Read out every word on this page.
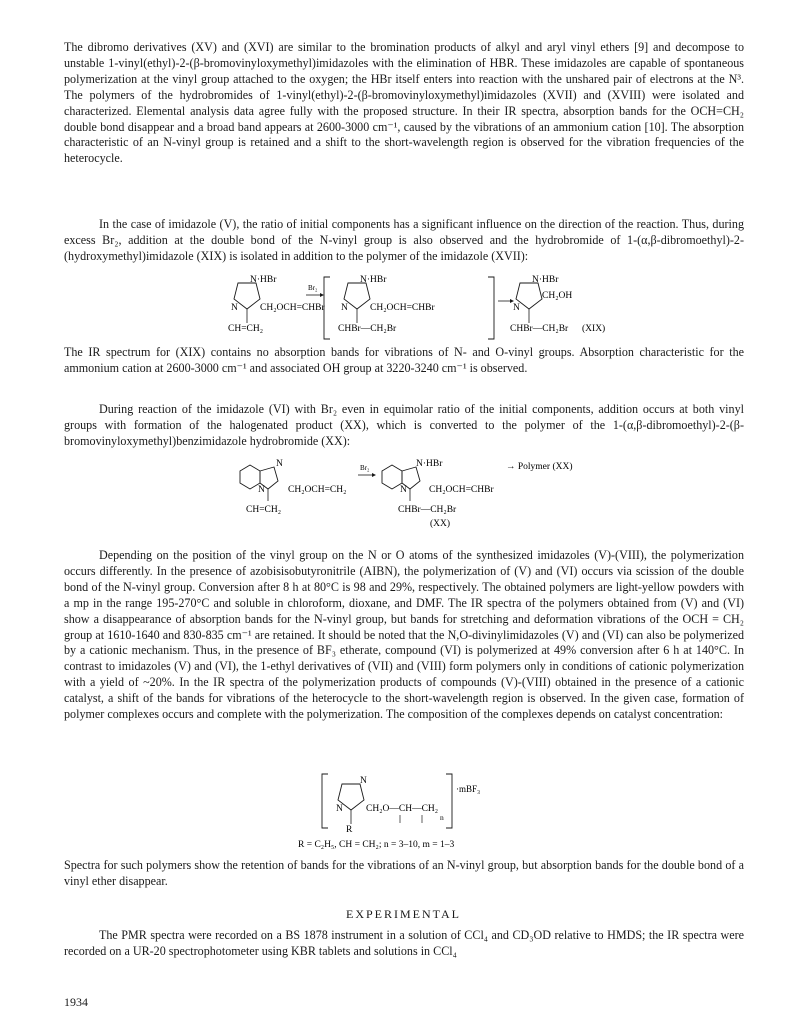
The dibromo derivatives (XV) and (XVI) are similar to the bromination products of alkyl and aryl vinyl ethers [9] and decompose to unstable 1-vinyl(ethyl)-2-(β-bromovinyloxymethyl)imidazoles with the elimination of HBR. These imidazoles are capable of spontaneous polymerization at the vinyl group attached to the oxygen; the HBr itself enters into reaction with the unshared pair of electrons at the N³. The polymers of the hydrobromides of 1-vinyl(ethyl)-2-(β-bromovinyloxymethyl)imidazoles (XVII) and (XVIII) were isolated and characterized. Elemental analysis data agree fully with the proposed structure. In their IR spectra, absorption bands for the OCH=CH₂ double bond disappear and a broad band appears at 2600-3000 cm⁻¹, caused by the vibrations of an ammonium cation [10]. The absorption characteristic of an N-vinyl group is retained and a shift to the short-wavelength region is observed for the vibration frequencies of the heterocycle.

In the case of imidazole (V), the ratio of initial components has a significant influence on the direction of the reaction. Thus, during excess Br₂, addition at the double bond of the N-vinyl group is also observed and the hydrobromide of 1-(α,β-dibromoethyl)-2-(hydroxymethyl)imidazole (XIX) is isolated in addition to the polymer of the imidazole (XVII):

N·HBr
N CH₂OCH=CHBr
CH=CH₂
Br₂
N·HBr
N CH₂OCH=CHBr
CHBr—CH₂Br
N·HBr
N
CH₂OH
CHBr—CH₂Br (XIX)

The IR spectrum for (XIX) contains no absorption bands for vibrations of N- and O-vinyl groups. Absorption characteristic for the ammonium cation at 2600-3000 cm⁻¹ and associated OH group at 3220-3240 cm⁻¹ is observed.

During reaction of the imidazole (VI) with Br₂ even in equimolar ratio of the initial components, addition occurs at both vinyl groups with formation of the halogenated product (XX), which is converted to the polymer of the 1-(α,β-dibromoethyl)-2-(β-bromovinyloxymethyl)benzimidazole hydrobromide (XX):

N
N CH₂OCH=CH₂
CH=CH₂
Br₂	N·HBr
N CH₂OCH=CHBr
CHBr—CH₂Br
(XX)
→ Polymer (XX)

Depending on the position of the vinyl group on the N or O atoms of the synthesized imidazoles (V)-(VIII), the polymerization occurs differently. In the presence of azobisisobutyronitrile (AIBN), the polymerization of (V) and (VI) occurs via scission of the double bond of the N-vinyl group. Conversion after 8 h at 80°C is 98 and 29%, respectively. The obtained polymers are light-yellow powders with a mp in the range 195-270°C and soluble in chloroform, dioxane, and DMF. The IR spectra of the polymers obtained from (V) and (VI) show a disappearance of absorption bands for the N-vinyl group, but bands for stretching and deformation vibrations of the OCH = CH₂ group at 1610-1640 and 830-835 cm⁻¹ are retained. It should be noted that the N,O-divinylimidazoles (V) and (VI) can also be polymerized by a cationic mechanism. Thus, in the presence of BF₃ etherate, compound (VI) is polymerized at 49% conversion after 6 h at 140°C. In contrast to imidazoles (V) and (VI), the 1-ethyl derivatives of (VII) and (VIII) form polymers only in conditions of cationic polymerization with a yield of ~20%. In the IR spectra of the polymerization products of compounds (V)-(VIII) obtained in the presence of a cationic catalyst, a shift of the bands for vibrations of the heterocycle to the short-wavelength region is observed. In the given case, formation of polymer complexes occurs and complete with the polymerization. The composition of the complexes depends on catalyst concentration:

N
N CH₂O—CH—CH₂
n
R
·mBF₃
R = C₂H₅, CH = CH₂; n = 3–10, m = 1–3

Spectra for such polymers show the retention of bands for the vibrations of an N-vinyl group, but absorption bands for the double bond of a vinyl ether disappear.

EXPERIMENTAL

The PMR spectra were recorded on a BS 1878 instrument in a solution of CCl₄ and CD₃OD relative to HMDS; the IR spectra were recorded on a UR-20 spectrophotometer using KBR tablets and solutions in CCl₄

1934
